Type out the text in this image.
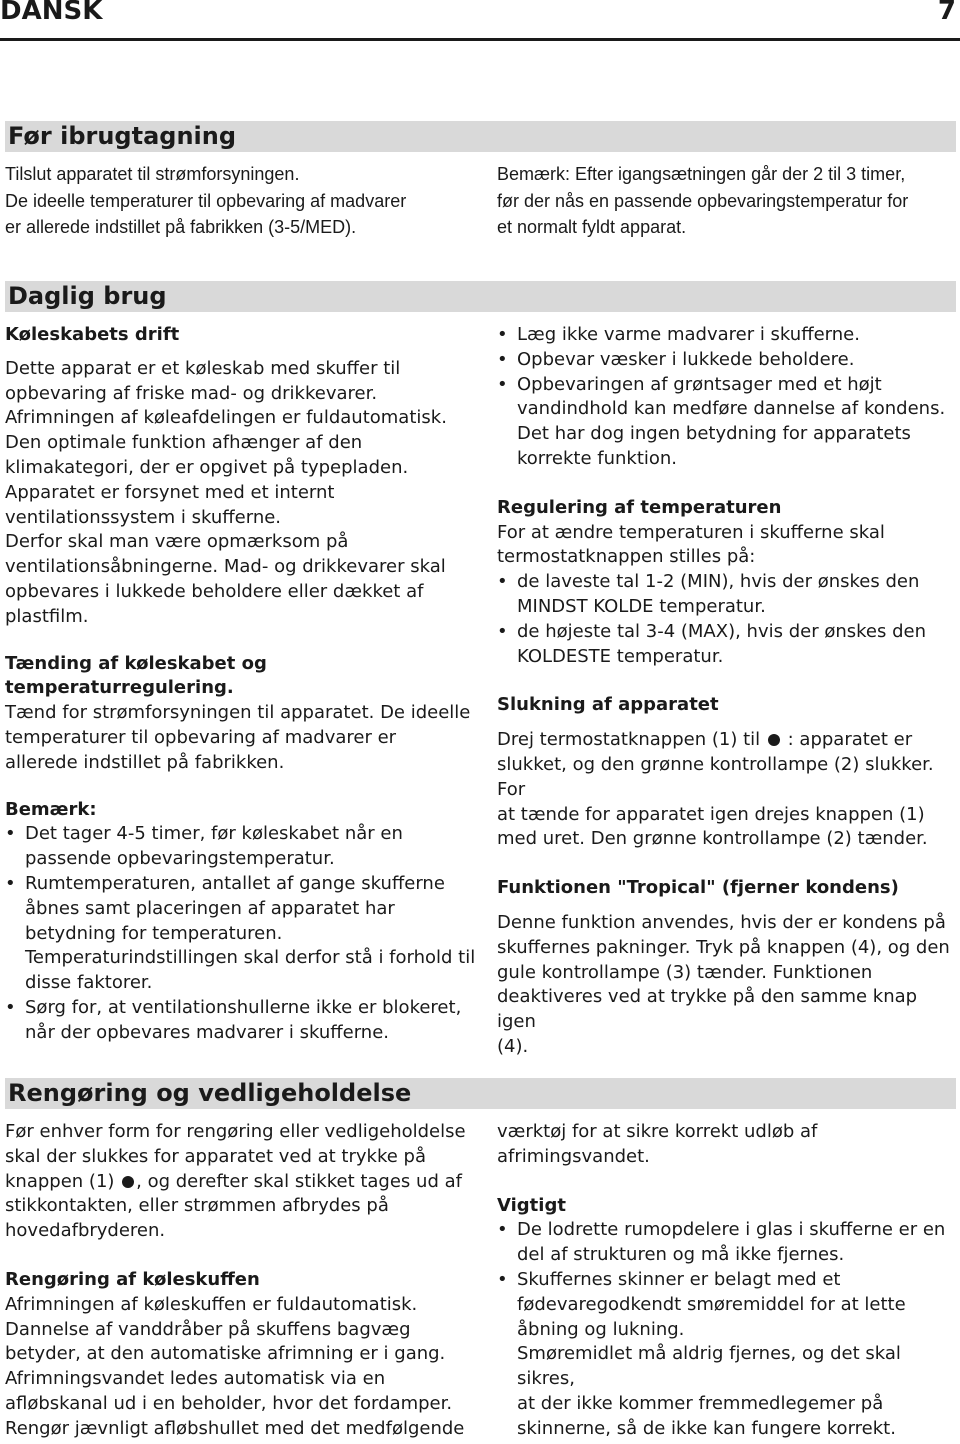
DANSK	7
Før ibrugtagning

Tilslut apparatet til strømforsyningen.

De ideelle temperaturer til opbevaring af madvarer

er allerede indstillet på fabrikken (3-5/MED).

Bemærk: Efter igangsætningen går der 2 til 3 timer,

før der nås en passende opbevaringstemperatur for

et normalt fyldt apparat.

Daglig brug

Køleskabets drift

Dette apparat er et køleskab med skuffer til

opbevaring af friske mad- og drikkevarer.

Afrimningen af køleafdelingen er fuldautomatisk.

Den optimale funktion afhænger af den

klimakategori, der er opgivet på typepladen.

Apparatet er forsynet med et internt

ventilationssystem i skufferne.

Derfor skal man være opmærksom på

ventilationsåbningerne. Mad- og drikkevarer skal

opbevares i lukkede beholdere eller dækket af

plastfilm.

Tænding af køleskabet og temperaturregulering.

Tænd for strømforsyningen til apparatet. De ideelle

temperaturer til opbevaring af madvarer er

allerede indstillet på fabrikken.

Bemærk:

• Det tager 4-5 timer, før køleskabet når en

passende opbevaringstemperatur.

• Rumtemperaturen, antallet af gange skufferne

åbnes samt placeringen af apparatet har

betydning for temperaturen.

Temperaturindstillingen skal derfor stå i forhold til

disse faktorer.

• Sørg for, at ventilationshullerne ikke er blokeret,

når der opbevares madvarer i skufferne.

• Læg ikke varme madvarer i skufferne.

• Opbevar væsker i lukkede beholdere.

• Opbevaringen af grøntsager med et højt

vandindhold kan medføre dannelse af kondens.

Det har dog ingen betydning for apparatets

korrekte funktion.

Regulering af temperaturen

For at ændre temperaturen i skufferne skal

termostatknappen stilles på:

• de laveste tal 1-2 (MIN), hvis der ønskes den

MINDST KOLDE temperatur.

• de højeste tal 3-4 (MAX), hvis der ønskes den

KOLDESTE temperatur.

Slukning af apparatet

Drej termostatknappen (1) til : apparatet er

slukket, og den grønne kontrollampe (2) slukker. For

at tænde for apparatet igen drejes knappen (1)

med uret. Den grønne kontrollampe (2) tænder.

Funktionen "Tropical" (fjerner kondens)

Denne funktion anvendes, hvis der er kondens på

skuffernes pakninger. Tryk på knappen (4), og den

gule kontrollampe (3) tænder. Funktionen

deaktiveres ved at trykke på den samme knap igen

(4).

Rengøring og vedligeholdelse

Før enhver form for rengøring eller vedligeholdelse

skal der slukkes for apparatet ved at trykke på

knappen (1) , og derefter skal stikket tages ud af

stikkontakten, eller strømmen afbrydes på

hovedafbryderen.

Rengøring af køleskuffen

Afrimningen af køleskuffen er fuldautomatisk.

Dannelse af vanddråber på skuffens bagvæg

betyder, at den automatiske afrimning er i gang.

Afrimningsvandet ledes automatisk via en

afløbskanal ud i en beholder, hvor det fordamper.

Rengør jævnligt afløbshullet med det medfølgende

værktøj for at sikre korrekt udløb af

afrimingsvandet.

Vigtigt

• De lodrette rumopdelere i glas i skufferne er en

del af strukturen og må ikke fjernes.

• Skuffernes skinner er belagt med et

fødevaregodkendt smøremiddel for at lette

åbning og lukning.

Smøremidlet må aldrig fjernes, og det skal sikres,

at der ikke kommer fremmedlegemer på

skinnerne, så de ikke kan fungere korrekt.
